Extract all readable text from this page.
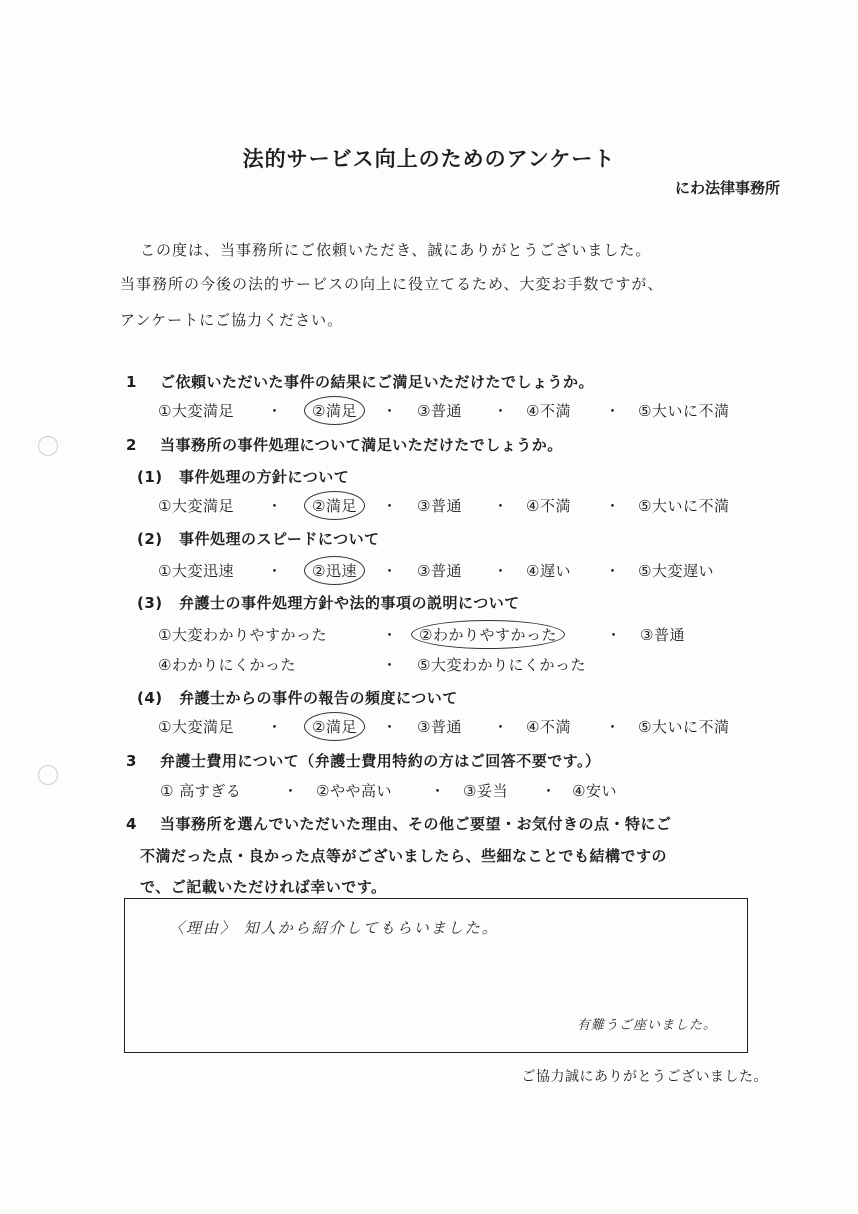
法的サービス向上のためのアンケート
にわ法律事務所
この度は、当事務所にご依頼いただき、誠にありがとうございました。
当事務所の今後の法的サービスの向上に役立てるため、大変お手数ですが、
アンケートにご協力ください。
1 ご依頼いただいた事件の結果にご満足いただけたでしょうか。
①大変満足 ・	②満足	・ ③普通 ・ ④不満 ・ ⑤大いに不満
2 当事務所の事件処理について満足いただけたでしょうか。
(1) 事件処理の方針について
①大変満足 ・	②満足	・ ③普通 ・ ④不満 ・ ⑤大いに不満
(2) 事件処理のスピードについて
①大変迅速 ・	②迅速	・ ③普通 ・ ④遅い ・ ⑤大変遅い
(3) 弁護士の事件処理方針や法的事項の説明について
①大変わかりやすかった	・	②わかりやすかった	・ ③普通
④わかりにくかった	・ ⑤大変わかりにくかった
(4) 弁護士からの事件の報告の頻度について
①大変満足 ・	②満足	・ ③普通 ・ ④不満 ・ ⑤大いに不満
3 弁護士費用について（弁護士費用特約の方はご回答不要です。）
① 高すぎる	・ ②やや高い	・ ③妥当 ・ ④安い
4 当事務所を選んでいただいた理由、その他ご要望・お気付きの点・特にご
不満だった点・良かった点等がございましたら、些細なことでも結構ですの
で、ご記載いただければ幸いです。
〈理由〉 知人から紹介してもらいました。
有難うご座いました。
ご協力誠にありがとうございました。
